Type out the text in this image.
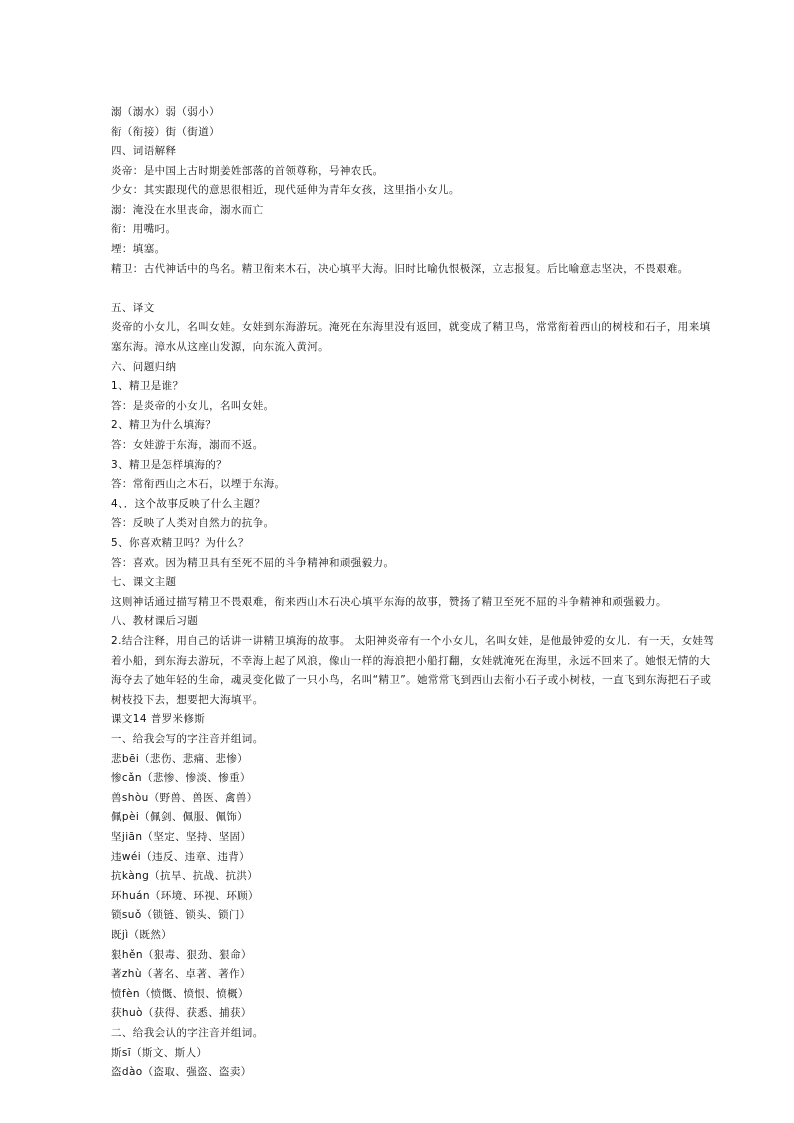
溺（溺水）弱（弱小）
衔（衔接）街（街道）
四、词语解释
炎帝：是中国上古时期姜姓部落的首领尊称，号神农氏。
少女：其实跟现代的意思很相近，现代延伸为青年女孩，这里指小女儿。
溺：淹没在水里丧命，溺水而亡
衔：用嘴叼。
堙：填塞。
精卫：古代神话中的鸟名。精卫衔来木石，决心填平大海。旧时比喻仇恨极深，立志报复。后比喻意志坚决，不畏艰难。
五、译文
炎帝的小女儿，名叫女娃。女娃到东海游玩。淹死在东海里没有返回，就变成了精卫鸟，常常衔着西山的树枝和石子，用来填塞东海。漳水从这座山发源，向东流入黄河。
六、问题归纳
1、精卫是谁？
答：是炎帝的小女儿，名叫女娃。
2、精卫为什么填海？
答：女娃游于东海，溺而不返。
3、精卫是怎样填海的？
答：常衔西山之木石，以堙于东海。
4、．这个故事反映了什么主题？
答：反映了人类对自然力的抗争。
5、你喜欢精卫吗？为什么？
答：喜欢。因为精卫具有至死不屈的斗争精神和顽强毅力。
七、课文主题
这则神话通过描写精卫不畏艰难，衔来西山木石决心填平东海的故事，赞扬了精卫至死不屈的斗争精神和顽强毅力。
八、教材课后习题
2.结合注释，用自己的话讲一讲精卫填海的故事。 太阳神炎帝有一个小女儿，名叫女娃，是他最钟爱的女儿．有一天，女娃驾着小船，到东海去游玩，不幸海上起了风浪，像山一样的海浪把小船打翻，女娃就淹死在海里，永远不回来了。她恨无情的大海夺去了她年轻的生命，魂灵变化做了一只小鸟，名叫“精卫”。她常常飞到西山去衔小石子或小树枝，一直飞到东海把石子或树枝投下去，想要把大海填平。
课文14 普罗米修斯
一、给我会写的字注音并组词。
悲bēi（悲伤、悲痛、悲惨）
惨cǎn（悲惨、惨淡、惨重）
兽shòu（野兽、兽医、禽兽）
佩pèi（佩剑、佩服、佩饰）
坚jiān（坚定、坚持、坚固）
违wéi（违反、违章、违背）
抗kàng（抗旱、抗战、抗洪）
环huán（环境、环视、环顾）
锁suǒ（锁链、锁头、锁门）
既jì（既然）
狠hěn（狠毒、狠劲、狠命）
著zhù（著名、卓著、著作）
愤fèn（愤慨、愤恨、愤概）
获huò（获得、获悉、捕获）
二、给我会认的字注音并组词。
斯sī（斯文、斯人）
盗dào（盗取、强盗、盗卖）
